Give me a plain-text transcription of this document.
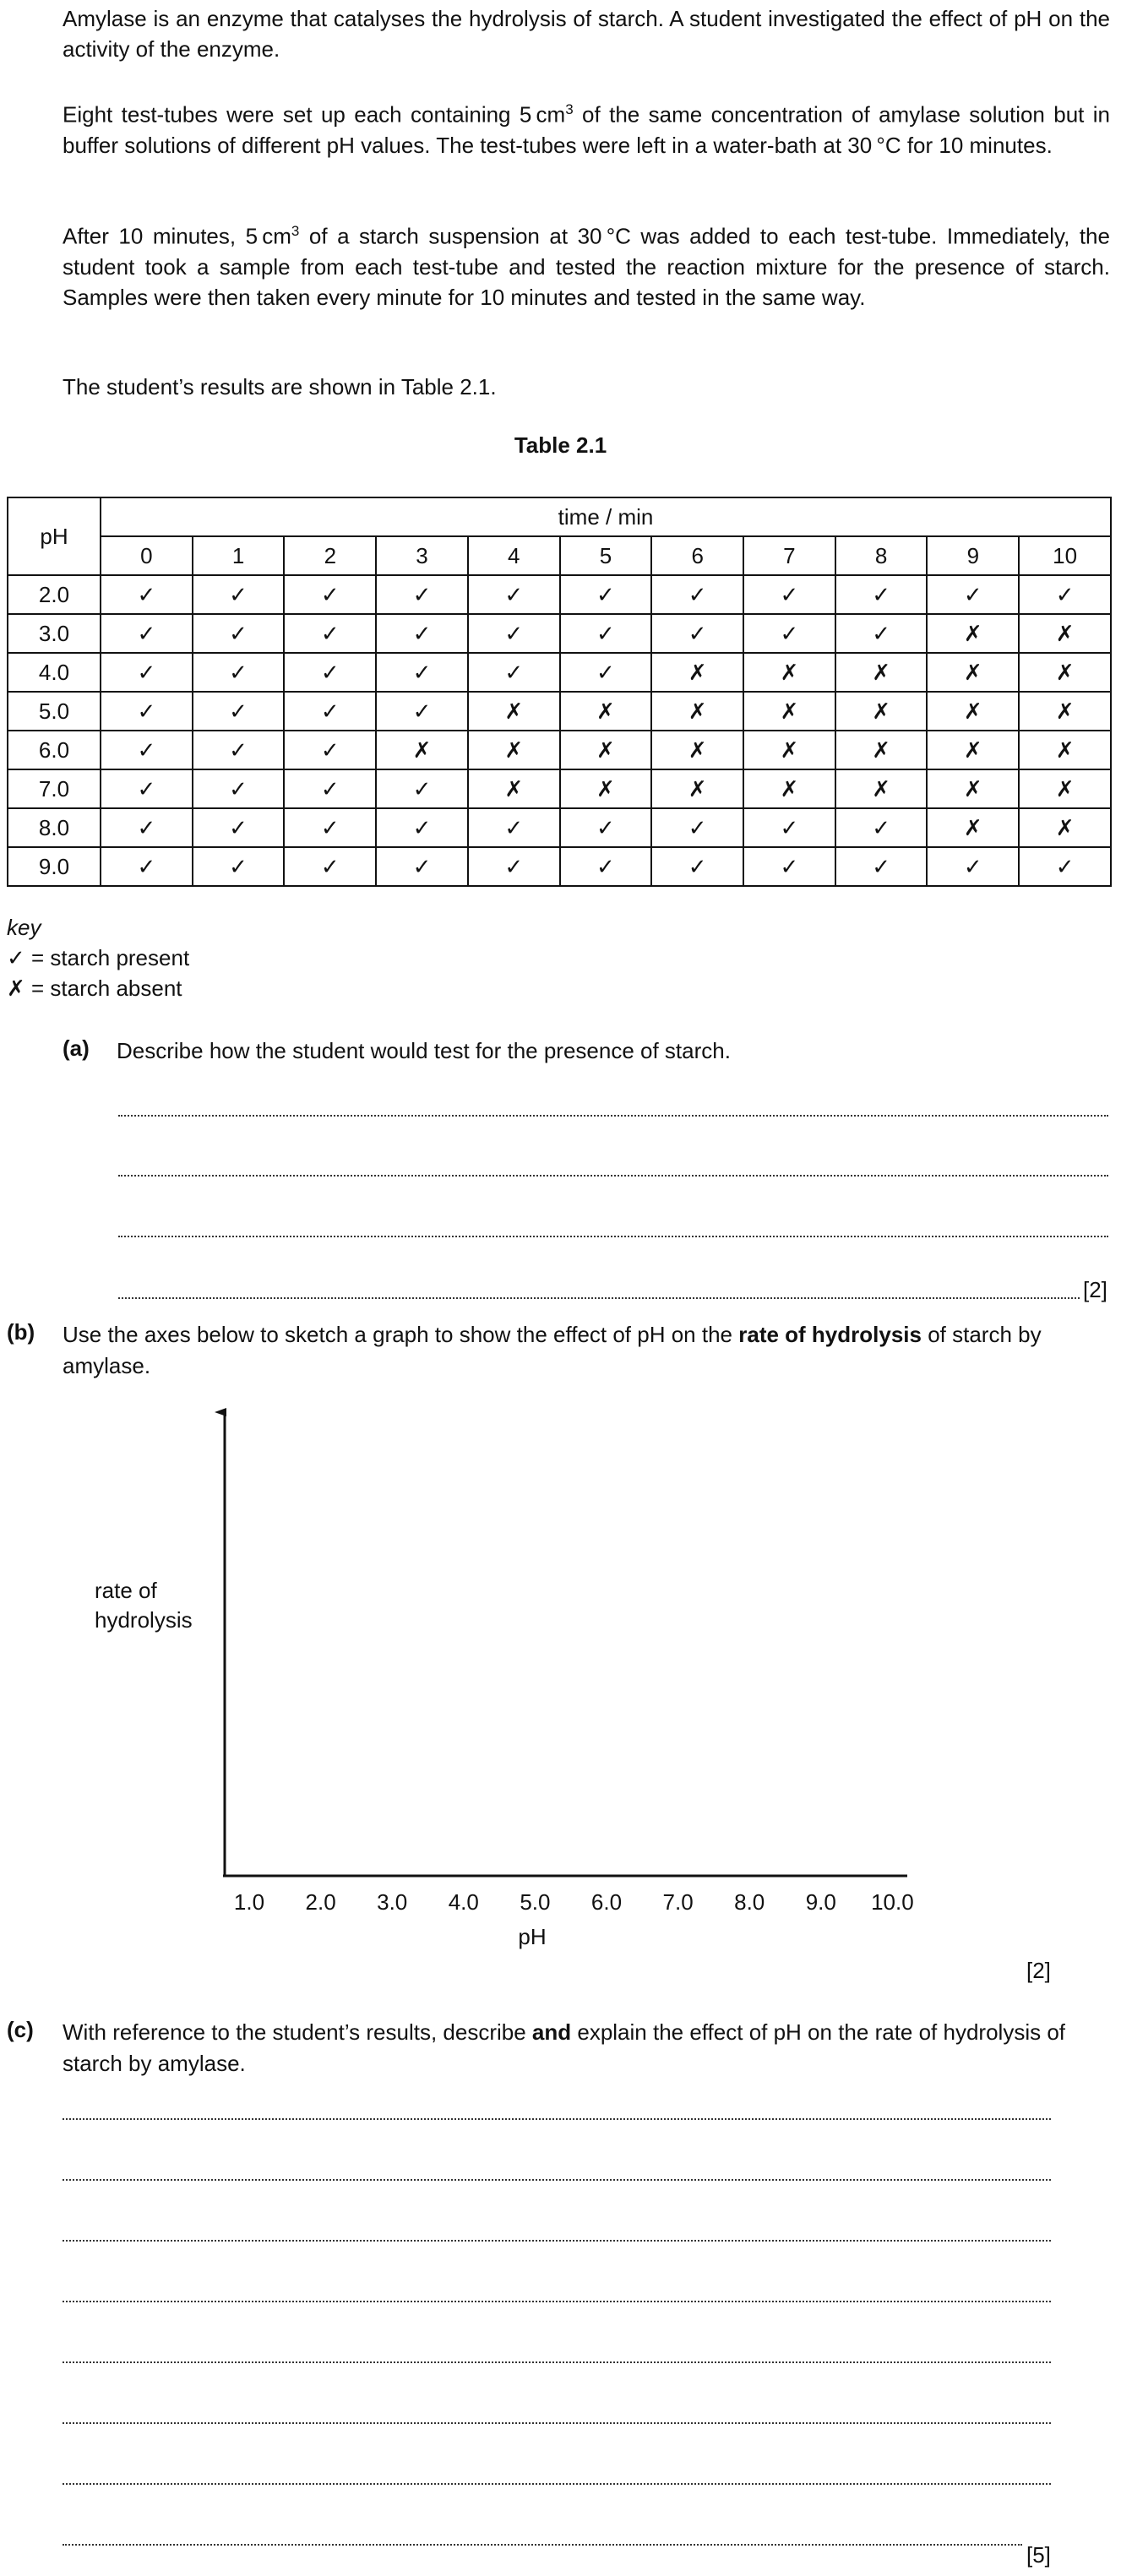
Amylase is an enzyme that catalyses the hydrolysis of starch. A student investigated the effect of pH on the activity of the enzyme.

Eight test-tubes were set up each containing 5 $cm^3$ of the same concentration of amylase solution but in buffer solutions of different pH values. The test-tubes were left in a water-bath at 30 °C for 10 minutes.

After 10 minutes, 5 $cm^3$ of a starch suspension at 30 °C was added to each test-tube. Immediately, the student took a sample from each test-tube and tested the reaction mixture for the presence of starch. Samples were then taken every minute for 10 minutes and tested in the same way.

The student’s results are shown in Table 2.1.

Table 2.1
pH	time / min										
	0	1	2	3	4	5	6	7	8	9	10
2.0	✓	✓	✓	✓	✓	✓	✓	✓	✓	✓	✓
3.0	✓	✓	✓	✓	✓	✓	✓	✓	✓	✗	✗
4.0	✓	✓	✓	✓	✓	✓	✗	✗	✗	✗	✗
5.0	✓	✓	✓	✓	✗	✗	✗	✗	✗	✗	✗
6.0	✓	✓	✓	✗	✗	✗	✗	✗	✗	✗	✗
7.0	✓	✓	✓	✓	✗	✗	✗	✗	✗	✗	✗
8.0	✓	✓	✓	✓	✓	✓	✓	✓	✓	✗	✗
9.0	✓	✓	✓	✓	✓	✓	✓	✓	✓	✓	✓
key
✓ = starch present
✗ = starch absent
(a) Describe how the student would test for the presence of starch.
[2]
(b) Use the axes below to sketch a graph to show the effect of pH on the rate of hydrolysis of starch by amylase.

1.0 2.0 3.0 4.0 5.0 6.0 7.0 8.0 9.0 10.0
rate of
hydrolysis
pH
[2]
(c) With reference to the student’s results, describe and explain the effect of pH on the rate of hydrolysis of starch by amylase.

[5]
